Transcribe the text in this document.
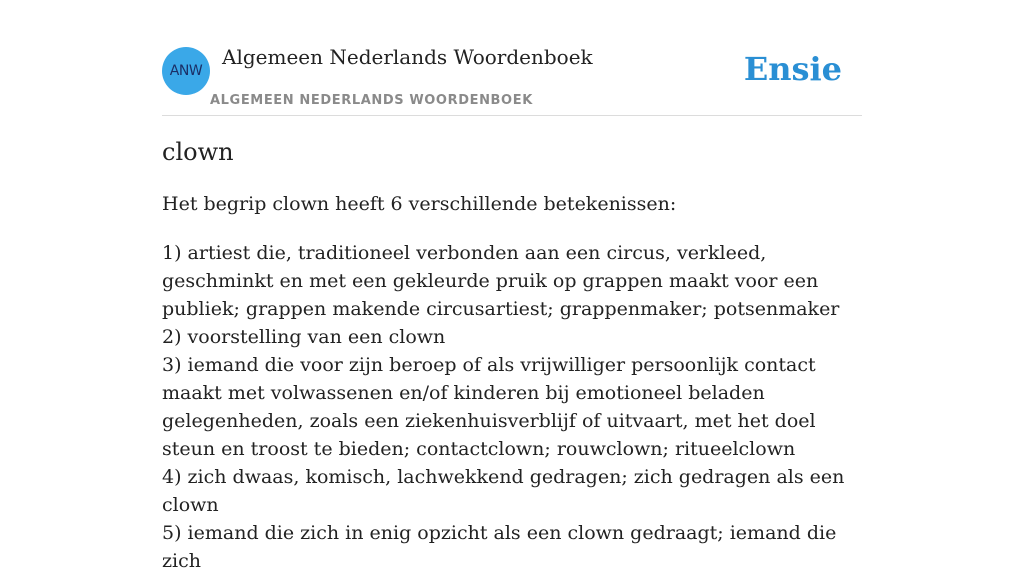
ANW
Algemeen Nederlands Woordenboek
ALGEMEEN NEDERLANDS WOORDENBOEK
Ensie
clown
Het begrip clown heeft 6 verschillende betekenissen:
1) artiest die, traditioneel verbonden aan een circus, verkleed, geschminkt en met een gekleurde pruik op grappen maakt voor een publiek; grappen makende circusartiest; grappenmaker; potsenmaker
2) voorstelling van een clown
3) iemand die voor zijn beroep of als vrijwilliger persoonlijk contact maakt met volwassenen en/of kinderen bij emotioneel beladen gelegenheden, zoals een ziekenhuisverblijf of uitvaart, met het doel steun en troost te bieden; contactclown; rouwclown; ritueelclown
4) zich dwaas, komisch, lachwekkend gedragen; zich gedragen als een clown
5) iemand die zich in enig opzicht als een clown gedraagt; iemand die zich
